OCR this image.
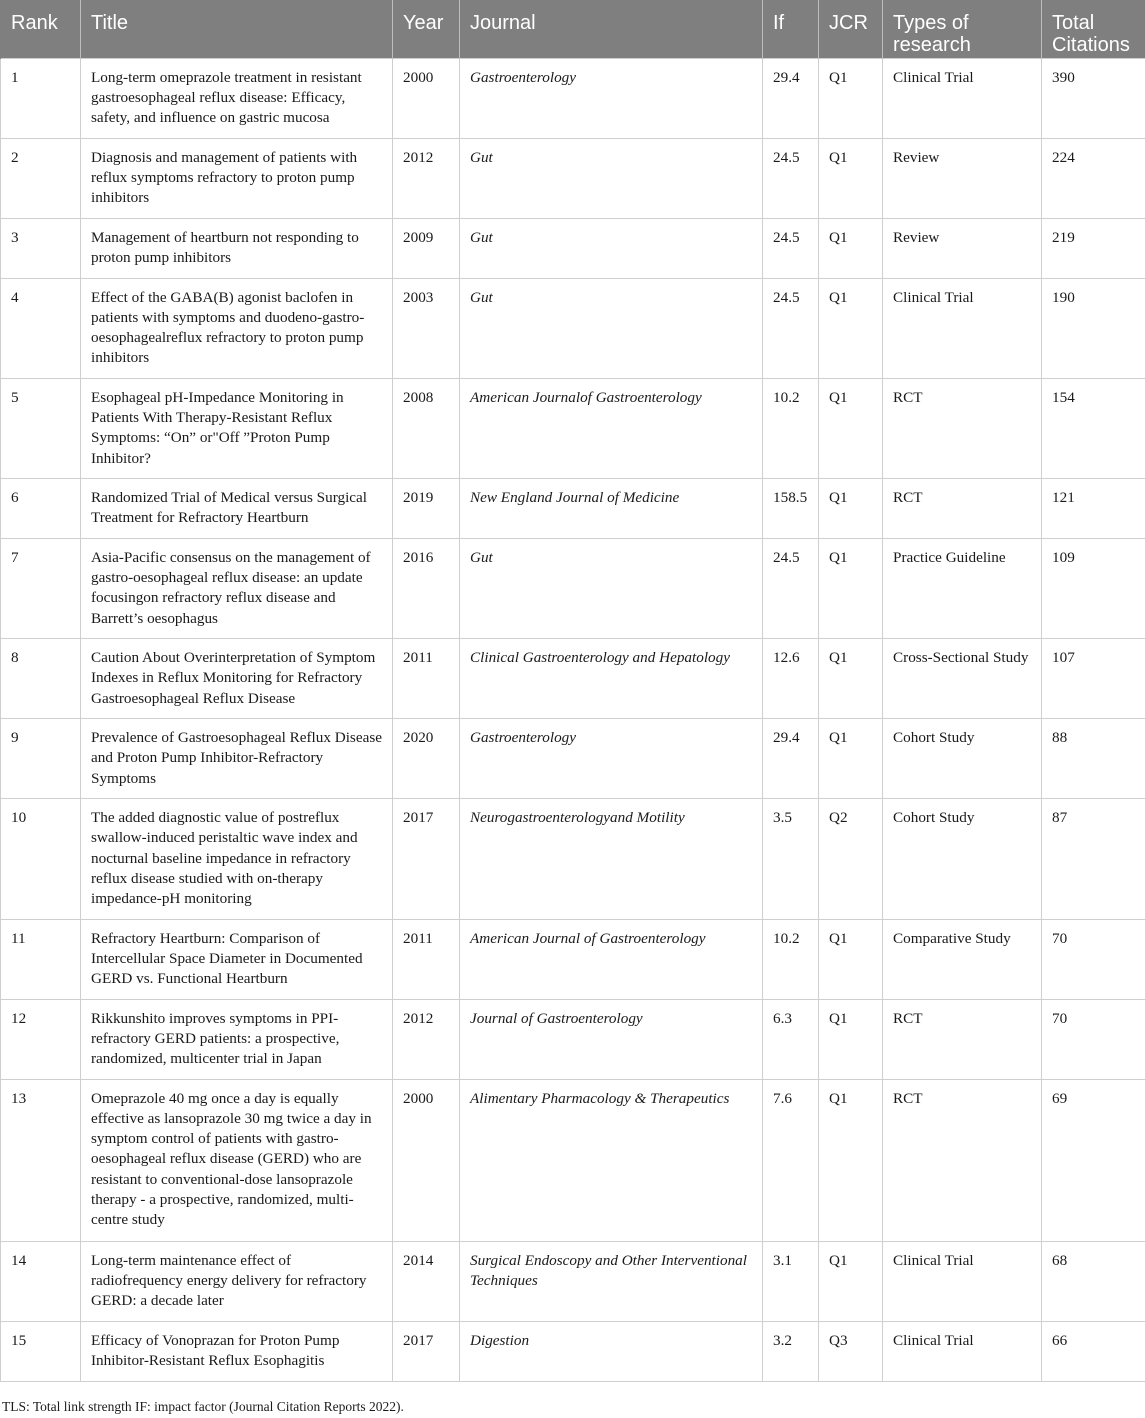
Rank	Title	Year	Journal	If	JCR	Types of research	Total Citations
1	Long-term omeprazole treatment in resistant gastroesophageal reflux disease: Efficacy, safety, and influence on gastric mucosa	2000	Gastroenterology	29.4	Q1	Clinical Trial	390
2	Diagnosis and management of patients with reflux symptoms refractory to proton pump inhibitors	2012	Gut	24.5	Q1	Review	224
3	Management of heartburn not responding to proton pump inhibitors	2009	Gut	24.5	Q1	Review	219
4	Effect of the GABA(B) agonist baclofen in patients with symptoms and duodeno-gastro-oesophagealreflux refractory to proton pump inhibitors	2003	Gut	24.5	Q1	Clinical Trial	190
5	Esophageal pH-Impedance Monitoring in Patients With Therapy-Resistant Reflux Symptoms: “On” or"Off ”Proton Pump Inhibitor?	2008	American Journalof Gastroenterology	10.2	Q1	RCT	154
6	Randomized Trial of Medical versus Surgical Treatment for Refractory Heartburn	2019	New England Journal of Medicine	158.5	Q1	RCT	121
7	Asia-Pacific consensus on the management of gastro-oesophageal reflux disease: an update focusingon refractory reflux disease and Barrett’s oesophagus	2016	Gut	24.5	Q1	Practice Guideline	109
8	Caution About Overinterpretation of Symptom Indexes in Reflux Monitoring for Refractory Gastroesophageal Reflux Disease	2011	Clinical Gastroenterology and Hepatology	12.6	Q1	Cross-Sectional Study	107
9	Prevalence of Gastroesophageal Reflux Disease and Proton Pump Inhibitor-Refractory Symptoms	2020	Gastroenterology	29.4	Q1	Cohort Study	88
10	The added diagnostic value of postreflux swallow-induced peristaltic wave index and nocturnal baseline impedance in refractory reflux disease studied with on-therapy impedance-pH monitoring	2017	Neurogastroenterologyand Motility	3.5	Q2	Cohort Study	87
11	Refractory Heartburn: Comparison of Intercellular Space Diameter in Documented GERD vs. Functional Heartburn	2011	American Journal of Gastroenterology	10.2	Q1	Comparative Study	70
12	Rikkunshito improves symptoms in PPI-refractory GERD patients: a prospective, randomized, multicenter trial in Japan	2012	Journal of Gastroenterology	6.3	Q1	RCT	70
13	Omeprazole 40 mg once a day is equally effective as lansoprazole 30 mg twice a day in symptom control of patients with gastro-oesophageal reflux disease (GERD) who are resistant to conventional-dose lansoprazole therapy - a prospective, randomized, multi-centre study	2000	Alimentary Pharmacology & Therapeutics	7.6	Q1	RCT	69
14	Long-term maintenance effect of radiofrequency energy delivery for refractory GERD: a decade later	2014	Surgical Endoscopy and Other Interventional Techniques	3.1	Q1	Clinical Trial	68
15	Efficacy of Vonoprazan for Proton Pump Inhibitor-Resistant Reflux Esophagitis	2017	Digestion	3.2	Q3	Clinical Trial	66
TLS: Total link strength IF: impact factor (Journal Citation Reports 2022).
